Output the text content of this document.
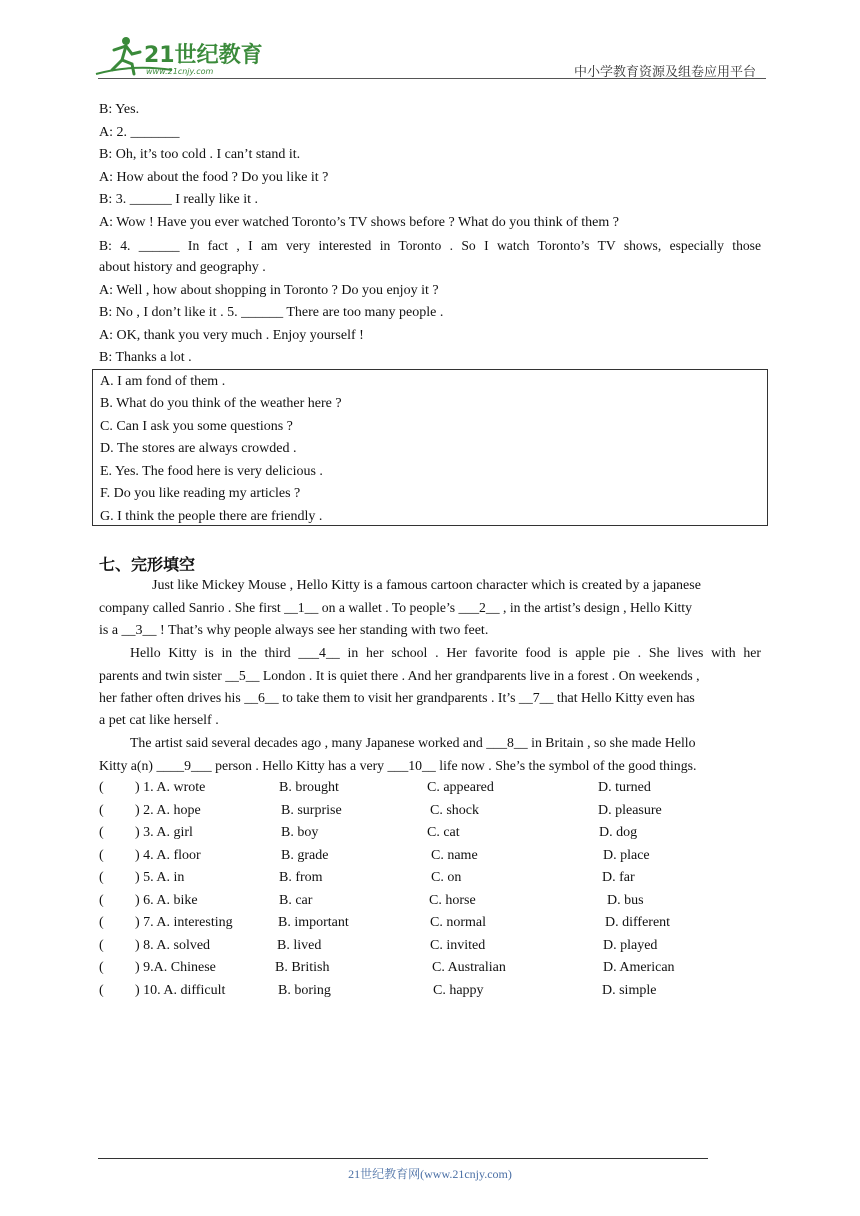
21世纪教育
www.21cnjy.com	中小学教育资源及组卷应用平台
B: Yes.
A: 2. _______
B: Oh, it’s too cold . I can’t stand it.
A: How about the food ? Do you like it ?
B: 3. ______ I really like it .
A: Wow ! Have you ever watched Toronto’s TV shows before ? What do you think of them ?
B: 4. ______ In fact , I am very interested in Toronto . So I watch Toronto’s TV shows, especially those
about history and geography .
A: Well , how about shopping in Toronto ? Do you enjoy it ?
B: No , I don’t like it . 5. ______ There are too many people .
A: OK, thank you very much . Enjoy yourself !
B: Thanks a lot .
A. I am fond of them .
B. What do you think of the weather here ?
C. Can I ask you some questions ?
D. The stores are always crowded .
E. Yes. The food here is very delicious .
F. Do you like reading my articles ?
G. I think the people there are friendly .
七、完形填空
Just like Mickey Mouse , Hello Kitty is a famous cartoon character which is created by a japanese
company called Sanrio . She first __1__ on a wallet . To people’s ___2__ , in the artist’s design , Hello Kitty
is a __3__ ! That’s why people always see her standing with two feet.
Hello Kitty is in the third ___4__ in her school . Her favorite food is apple pie . She lives with her
parents and twin sister __5__ London . It is quiet there . And her grandparents live in a forest . On weekends ,
her father often drives his __6__ to take them to visit her grandparents . It’s __7__ that Hello Kitty even has
a pet cat like herself .
The artist said several decades ago , many Japanese worked and ___8__ in Britain , so she made Hello
Kitty a(n) ____9___ person . Hello Kitty has a very ___10__ life now . She’s the symbol of the good things.
( ) 1. A. wrote	B. brought	C. appeared	D. turned
( ) 2. A. hope	B. surprise	C. shock	D. pleasure
( ) 3. A. girl	B. boy	C. cat	D. dog
( ) 4. A. floor	B. grade	C. name	D. place
( ) 5. A. in	B. from	C. on	D. far
( ) 6. A. bike	B. car	C. horse	D. bus
( ) 7. A. interesting	B. important	C. normal	D. different
( ) 8. A. solved	B. lived	C. invited	D. played
( ) 9.A. Chinese	B. British	C. Australian	D. American
( ) 10. A. difficult	B. boring	C. happy	D. simple
21世纪教育网(www.21cnjy.com)
